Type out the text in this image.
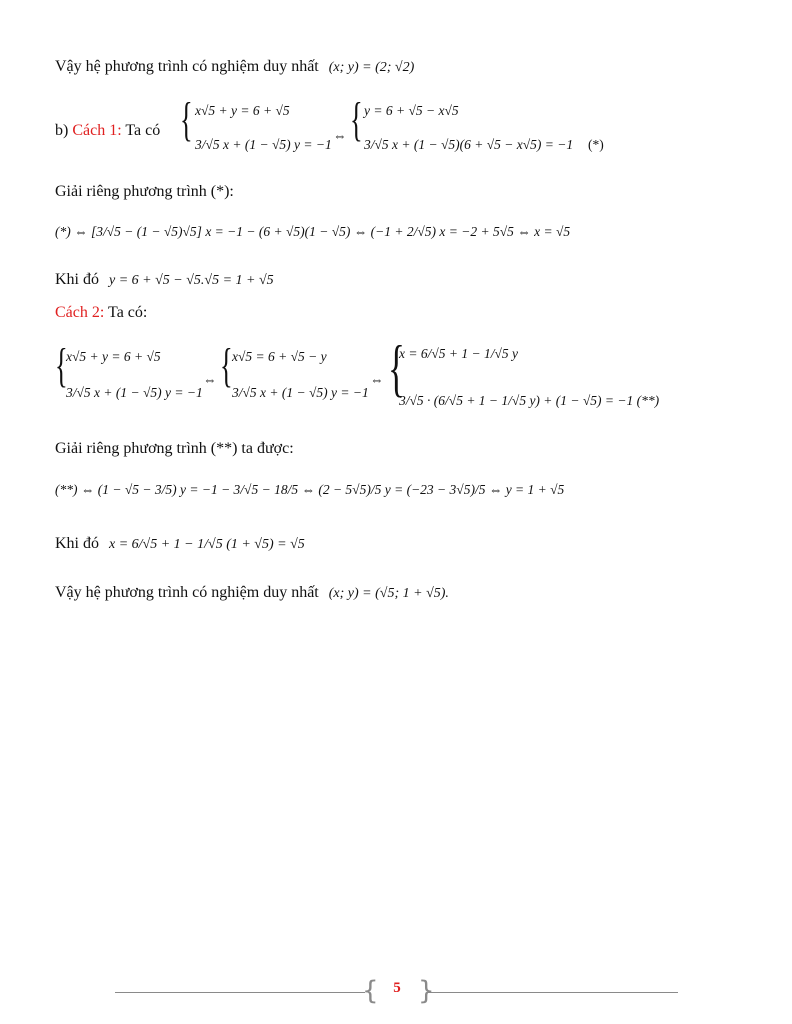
Vậy hệ phương trình có nghiệm duy nhất (x; y) = (2; √2)
b) Cách 1: Ta có { x√5 + y = 6 + √5
3/√5 x + (1 − √5) y = −1
⇔ { y = 6 + √5 − x√5
3/√5 x + (1 − √5)(6 + √5 − x√5) = −1 (*)
Giải riêng phương trình (*):
(*) ⇔ [3/√5 − (1 − √5)√5] x = −1 − (6 + √5)(1 − √5) ⇔ (−1 + 2/√5) x = −2 + 5√5 ⇔ x = √5
Khi đó y = 6 + √5 − √5.√5 = 1 + √5
Cách 2: Ta có:
{
x√5 + y = 6 + √5
3/√5 x + (1 − √5) y = −1
⇔ { x√5 = 6 + √5 − y
3/√5 x + (1 − √5) y = −1
⇔ {
x = 6/√5 + 1 − 1/√5 y
3/√5 · (6/√5 + 1 − 1/√5 y) + (1 − √5) = −1 (**)
Giải riêng phương trình (**) ta được:
(**) ⇔ (1 − √5 − 3/5) y = −1 − 3/√5 − 18/5 ⇔ (2 − 5√5)/5 y = (−23 − 3√5)/5 ⇔ y = 1 + √5
Khi đó x = 6/√5 + 1 − 1/√5 (1 + √5) = √5
Vậy hệ phương trình có nghiệm duy nhất (x; y) = (√5; 1 + √5).
{ }
5
